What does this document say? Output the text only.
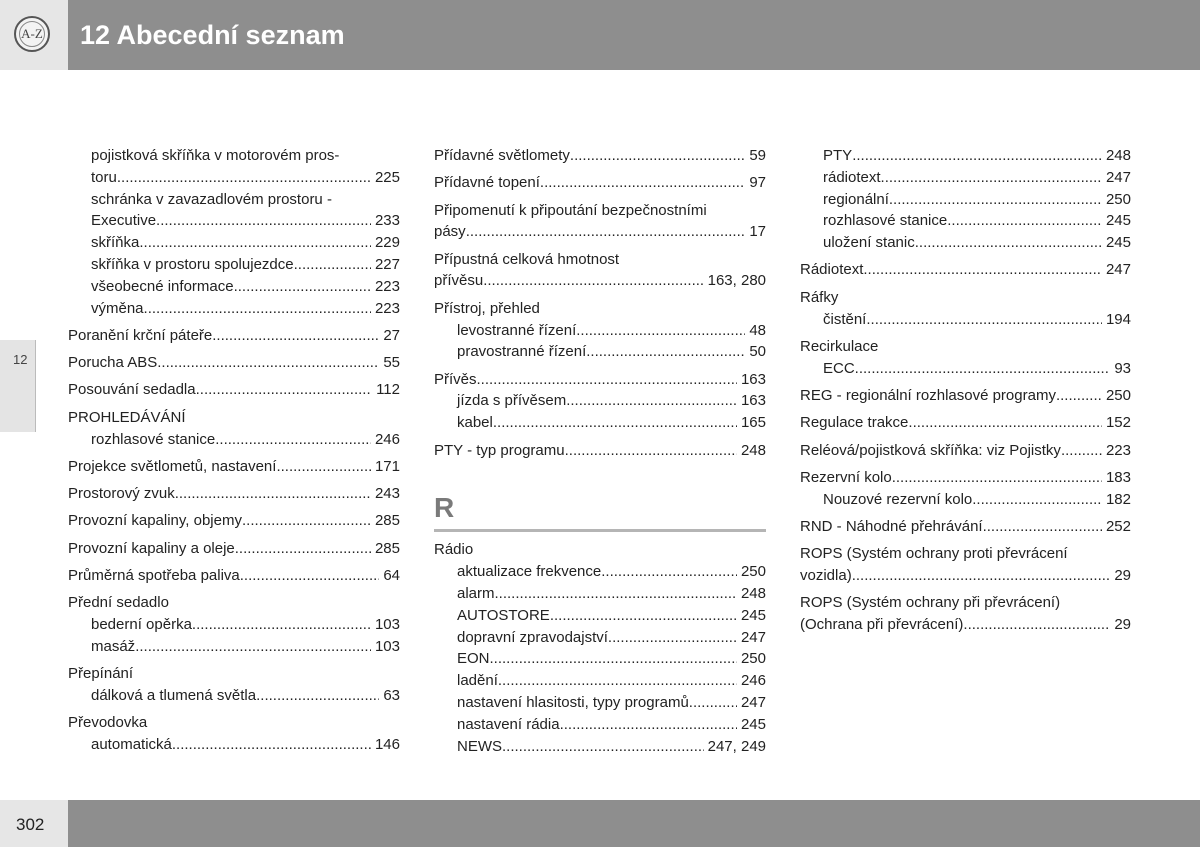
A-Z 12 Abecední seznam
12
pojistková skříňka v motorovém pros-
toru .....	225
schránka v zavazadlovém prostoru -
Executive .....	233
skříňka .....	229
skříňka v prostoru spolujezdce .....	227
všeobecné informace .....	223
výměna .....	223
Poranění krční páteře .....	27
Porucha ABS .....	55
Posouvání sedadla .....	112
PROHLEDÁVÁNÍ
rozhlasové stanice .....	246
Projekce světlometů, nastavení .....	171
Prostorový zvuk .....	243
Provozní kapaliny, objemy .....	285
Provozní kapaliny a oleje .....	285
Průměrná spotřeba paliva .....	64
Přední sedadlo
bederní opěrka .....	103
masáž .....	103
Přepínání
dálková a tlumená světla .....	63
Převodovka
automatická .....	146
Přídavné světlomety .....	59
Přídavné topení .....	97
Připomenutí k připoutání bezpečnostními
pásy .....	17
Přípustná celková hmotnost
přívěsu .....	163, 280
Přístroj, přehled
levostranné řízení .....	48
pravostranné řízení .....	50
Přívěs .....	163
jízda s přívěsem .....	163
kabel .....	165
PTY - typ programu .....	248
R
Rádio
aktualizace frekvence .....	250
alarm .....	248
AUTOSTORE .....	245
dopravní zpravodajství .....	247
EON .....	250
ladění .....	246
nastavení hlasitosti, typy programů .....	247
nastavení rádia .....	245
NEWS .....	247, 249
PTY .....	248
rádiotext .....	247
regionální .....	250
rozhlasové stanice .....	245
uložení stanic .....	245
Rádiotext .....	247
Ráfky
čistění .....	194
Recirkulace
ECC .....	93
REG - regionální rozhlasové programy .....	250
Regulace trakce .....	152
Reléová/pojistková skříňka: viz Pojistky .....	223
Rezervní kolo .....	183
Nouzové rezervní kolo .....	182
RND - Náhodné přehrávání .....	252
ROPS (Systém ochrany proti převrácení
vozidla) .....	29
ROPS (Systém ochrany při převrácení)
(Ochrana při převrácení) .....	29
302
